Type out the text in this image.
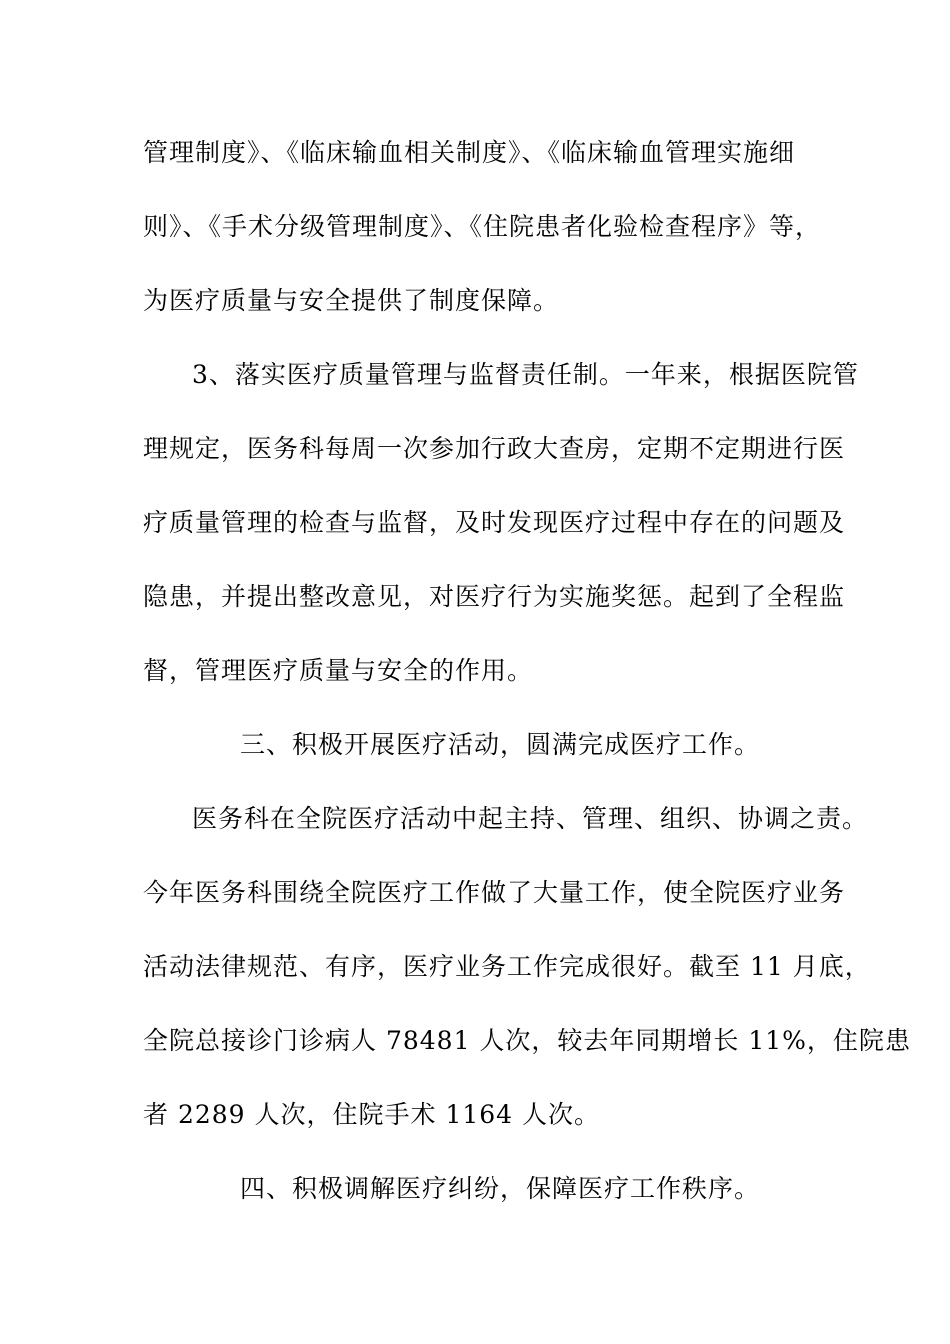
管理制度》、《临床输血相关制度》、《临床输血管理实施细
则》、《手术分级管理制度》、《住院患者化验检查程序》等，
为医疗质量与安全提供了制度保障。
3、落实医疗质量管理与监督责任制。一年来，根据医院管
理规定，医务科每周一次参加行政大查房，定期不定期进行医
疗质量管理的检查与监督，及时发现医疗过程中存在的问题及
隐患，并提出整改意见，对医疗行为实施奖惩。起到了全程监
督，管理医疗质量与安全的作用。
三、积极开展医疗活动，圆满完成医疗工作。
医务科在全院医疗活动中起主持、管理、组织、协调之责。
今年医务科围绕全院医疗工作做了大量工作，使全院医疗业务
活动法律规范、有序，医疗业务工作完成很好。截至 11 月底，
全院总接诊门诊病人 78481 人次，较去年同期增长 11%，住院患
者 2289 人次，住院手术 1164 人次。
四、积极调解医疗纠纷，保障医疗工作秩序。
